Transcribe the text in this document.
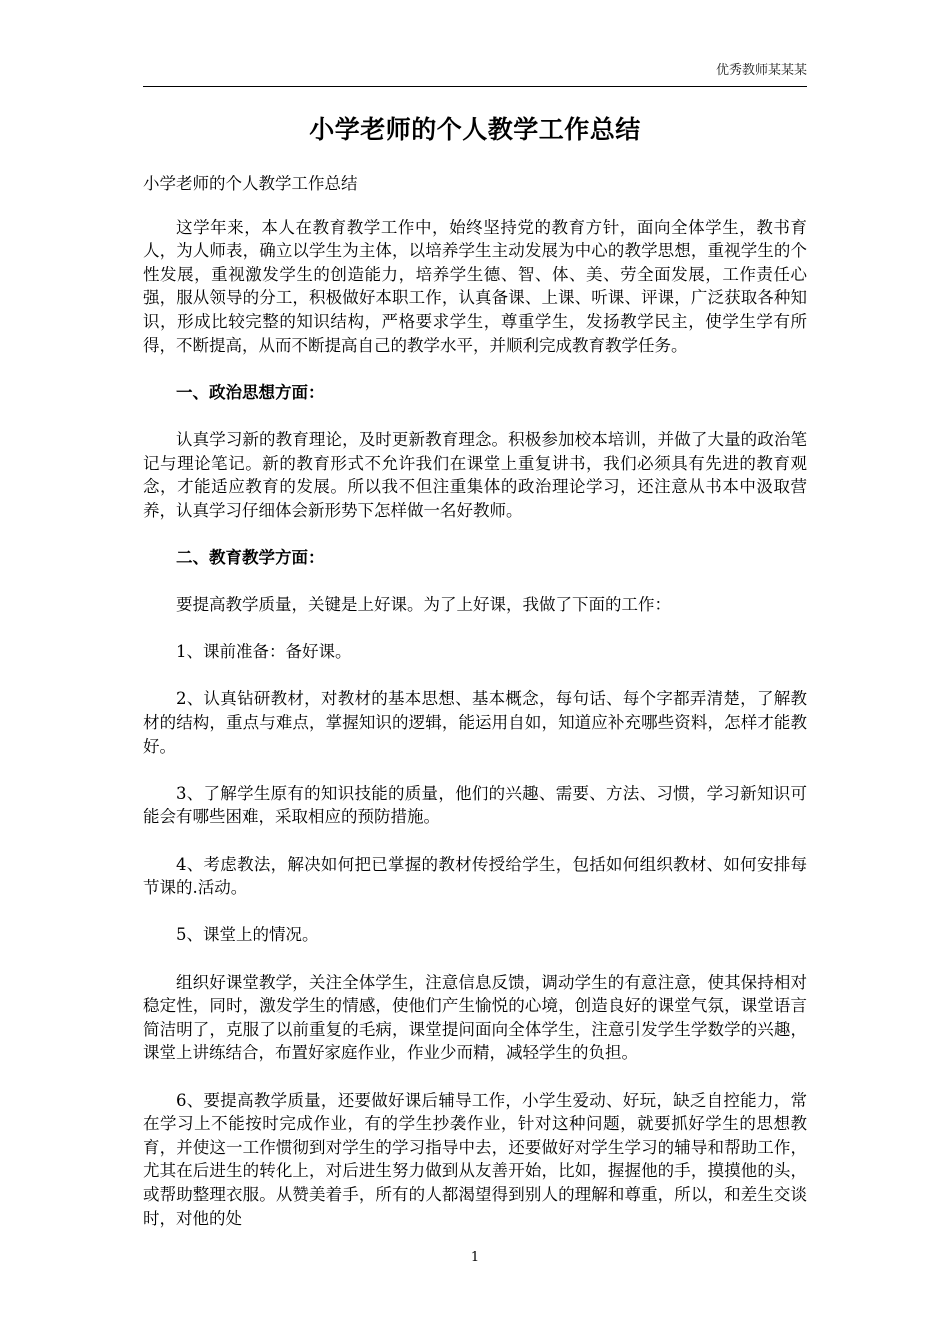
优秀教师某某某
小学老师的个人教学工作总结

小学老师的个人教学工作总结

这学年来，本人在教育教学工作中，始终坚持党的教育方针，面向全体学生，教书育人，为人师表，确立以学生为主体，以培养学生主动发展为中心的教学思想，重视学生的个性发展，重视激发学生的创造能力，培养学生德、智、体、美、劳全面发展，工作责任心强，服从领导的分工，积极做好本职工作，认真备课、上课、听课、评课，广泛获取各种知识，形成比较完整的知识结构，严格要求学生，尊重学生，发扬教学民主，使学生学有所得，不断提高，从而不断提高自己的教学水平，并顺利完成教育教学任务。

一、政治思想方面：

认真学习新的教育理论，及时更新教育理念。积极参加校本培训，并做了大量的政治笔记与理论笔记。新的教育形式不允许我们在课堂上重复讲书，我们必须具有先进的教育观念，才能适应教育的发展。所以我不但注重集体的政治理论学习，还注意从书本中汲取营养，认真学习仔细体会新形势下怎样做一名好教师。

二、教育教学方面：

要提高教学质量，关键是上好课。为了上好课，我做了下面的工作：

1、课前准备：备好课。

2、认真钻研教材，对教材的基本思想、基本概念，每句话、每个字都弄清楚，了解教材的结构，重点与难点，掌握知识的逻辑，能运用自如，知道应补充哪些资料，怎样才能教好。

3、了解学生原有的知识技能的质量，他们的兴趣、需要、方法、习惯，学习新知识可能会有哪些困难，采取相应的预防措施。

4、考虑教法，解决如何把已掌握的教材传授给学生，包括如何组织教材、如何安排每节课的.活动。

5、课堂上的情况。

组织好课堂教学，关注全体学生，注意信息反馈，调动学生的有意注意，使其保持相对稳定性，同时，激发学生的情感，使他们产生愉悦的心境，创造良好的课堂气氛，课堂语言简洁明了，克服了以前重复的毛病，课堂提问面向全体学生，注意引发学生学数学的兴趣，课堂上讲练结合，布置好家庭作业，作业少而精，减轻学生的负担。

6、要提高教学质量，还要做好课后辅导工作，小学生爱动、好玩，缺乏自控能力，常在学习上不能按时完成作业，有的学生抄袭作业，针对这种问题，就要抓好学生的思想教育，并使这一工作惯彻到对学生的学习指导中去，还要做好对学生学习的辅导和帮助工作，尤其在后进生的转化上，对后进生努力做到从友善开始，比如，握握他的手，摸摸他的头，或帮助整理衣服。从赞美着手，所有的人都渴望得到别人的理解和尊重，所以，和差生交谈时，对他的处

1
